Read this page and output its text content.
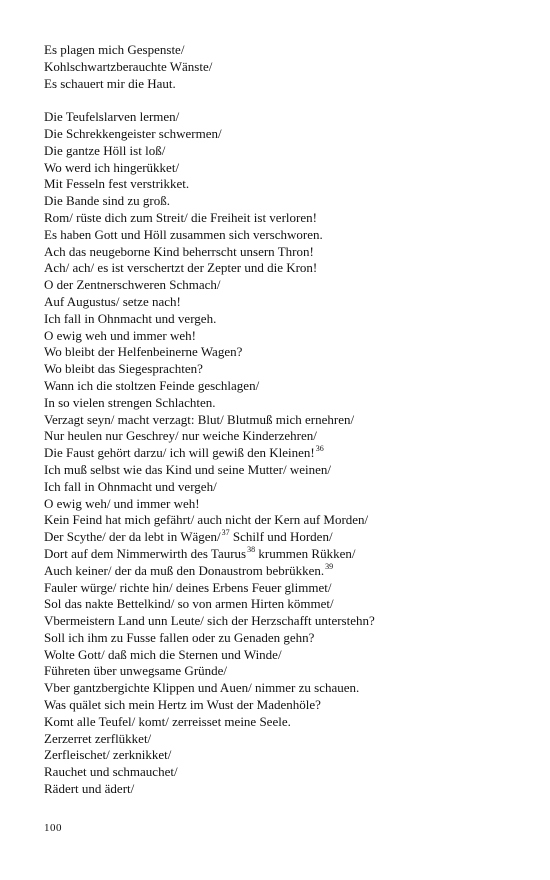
Es plagen mich Gespenste/
Kohlschwartzberauchte Wänste/
Es schauert mir die Haut.
Die Teufelslarven lermen/
Die Schrekkengeister schwermen/
Die gantze Höll ist loß/
Wo werd ich hingerükket/
Mit Fesseln fest verstrikket.
Die Bande sind zu groß.
Rom/ rüste dich zum Streit/ die Freiheit ist verloren!
Es haben Gott und Höll zusammen sich verschworen.
Ach das neugeborne Kind beherrscht unsern Thron!
Ach/ ach/ es ist verschertzt der Zepter und die Kron!
O der Zentnerschweren Schmach/
Auf Augustus/ setze nach!
Ich fall in Ohnmacht und vergeh.
O ewig weh und immer weh!
Wo bleibt der Helfenbeinerne Wagen?
Wo bleibt das Siegesprachten?
Wann ich die stoltzen Feinde geschlagen/
In so vielen strengen Schlachten.
Verzagt seyn/ macht verzagt: Blut/ Blutmuß mich ernehren/
Nur heulen nur Geschrey/ nur weiche Kinderzehren/
Die Faust gehört darzu/ ich will gewiß den Kleinen!$^{36}$
Ich muß selbst wie das Kind und seine Mutter/ weinen/
Ich fall in Ohnmacht und vergeh/
O ewig weh/ und immer weh!
Kein Feind hat mich gefährt/ auch nicht der Kern auf Morden/
Der Scythe/ der da lebt in Wägen/$^{37}$ Schilf und Horden/
Dort auf dem Nimmerwirth des Taurus$^{38}$ krummen Rükken/
Auch keiner/ der da muß den Donaustrom bebrükken.$^{39}$
Fauler würge/ richte hin/ deines Erbens Feuer glimmet/
Sol das nakte Bettelkind/ so von armen Hirten kömmet/
Vbermeistern Land unn Leute/ sich der Herzschafft unterstehn?
Soll ich ihm zu Fusse fallen oder zu Genaden gehn?
Wolte Gott/ daß mich die Sternen und Winde/
Führeten über unwegsame Gründe/
Vber gantzbergichte Klippen und Auen/ nimmer zu schauen.
Was quälet sich mein Hertz im Wust der Madenhöle?
Komt alle Teufel/ komt/ zerreisset meine Seele.
Zerzerret zerflükket/
Zerfleischet/ zerknikket/
Rauchet und schmauchet/
Rädert und ädert/
100
